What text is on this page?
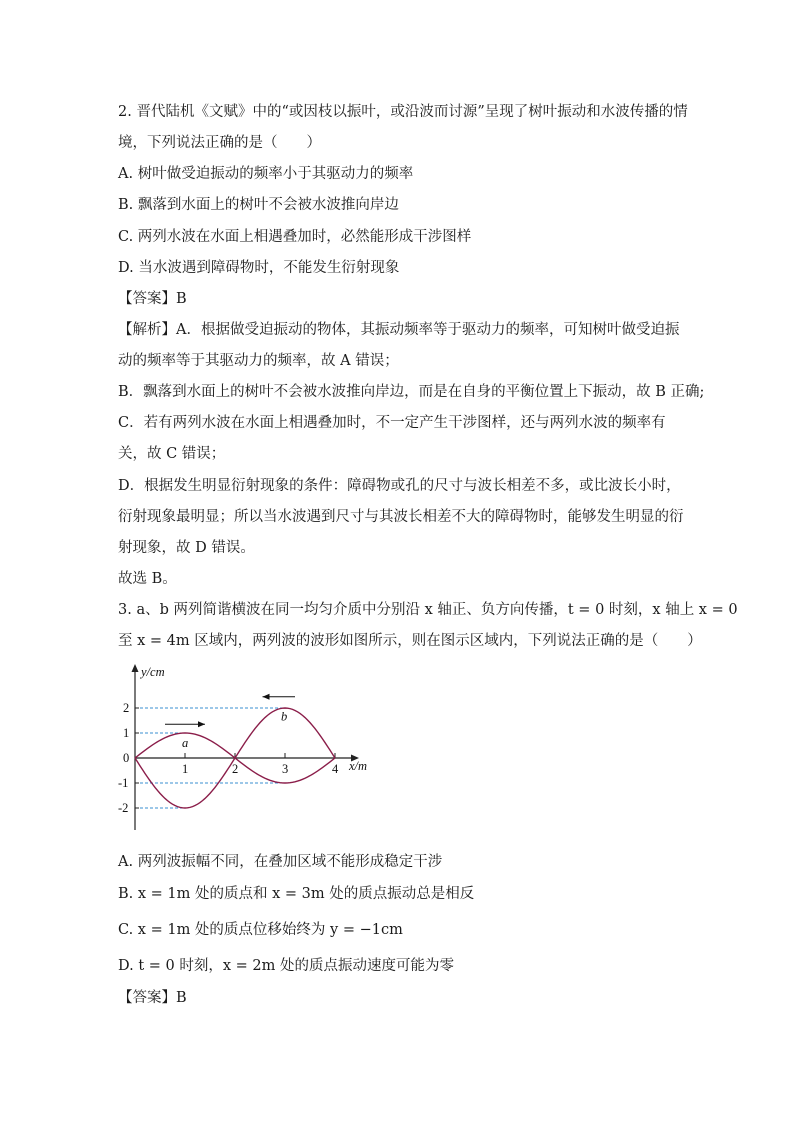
2. 晋代陆机《文赋》中的“或因枝以振叶，或沿波而讨源”呈现了树叶振动和水波传播的情
境，下列说法正确的是（　　）
A. 树叶做受迫振动的频率小于其驱动力的频率
B. 飘落到水面上的树叶不会被水波推向岸边
C. 两列水波在水面上相遇叠加时，必然能形成干涉图样
D. 当水波遇到障碍物时，不能发生衍射现象
【答案】B
【解析】A．根据做受迫振动的物体，其振动频率等于驱动力的频率，可知树叶做受迫振
动的频率等于其驱动力的频率，故 A 错误；
B．飘落到水面上的树叶不会被水波推向岸边，而是在自身的平衡位置上下振动，故 B 正确;
C．若有两列水波在水面上相遇叠加时，不一定产生干涉图样，还与两列水波的频率有
关，故 C 错误；
D．根据发生明显衍射现象的条件：障碍物或孔的尺寸与波长相差不多，或比波长小时，
衍射现象最明显；所以当水波遇到尺寸与其波长相差不大的障碍物时，能够发生明显的衍
射现象，故 D 错误。
故选 B。
3. a、b 两列简谐横波在同一均匀介质中分别沿 x 轴正、负方向传播，t = 0 时刻，x 轴上 x = 0
至 x = 4m 区域内，两列波的波形如图所示，则在图示区域内，下列说法正确的是（　　）
1	2	3	4
2
1
-1
-2
0
y/cm
x/m
a
b
A. 两列波振幅不同，在叠加区域不能形成稳定干涉
B. x = 1m 处的质点和 x = 3m 处的质点振动总是相反
C. x = 1m 处的质点位移始终为 y = −1cm
D. t = 0 时刻，x = 2m 处的质点振动速度可能为零
【答案】B
